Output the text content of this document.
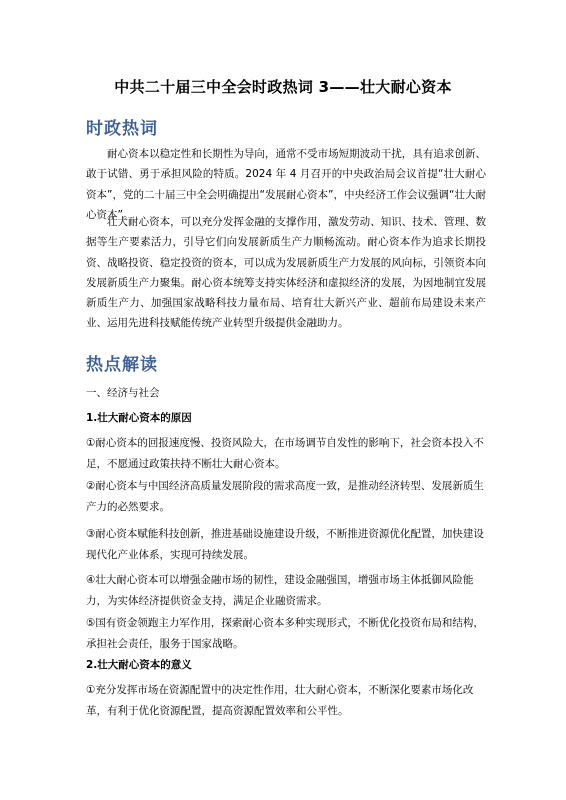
中共二十届三中全会时政热词 3——壮大耐心资本
时政热词

耐心资本以稳定性和长期性为导向，通常不受市场短期波动干扰，具有追求创新、敢于试错、勇于承担风险的特质。2024 年 4 月召开的中央政治局会议首提“壮大耐心资本”，党的二十届三中全会明确提出“发展耐心资本”，中央经济工作会议强调“壮大耐心资本”。

壮大耐心资本，可以充分发挥金融的支撑作用，激发劳动、知识、技术、管理、数据等生产要素活力，引导它们向发展新质生产力顺畅流动。耐心资本作为追求长期投资、战略投资、稳定投资的资本，可以成为发展新质生产力发展的风向标，引领资本向发展新质生产力聚集。耐心资本统筹支持实体经济和虚拟经济的发展，为因地制宜发展新质生产力、加强国家战略科技力量布局、培育壮大新兴产业、超前布局建设未来产业、运用先进科技赋能传统产业转型升级提供金融助力。

热点解读
一、经济与社会
1.壮大耐心资本的原因

①耐心资本的回报速度慢、投资风险大，在市场调节自发性的影响下，社会资本投入不足，不愿通过政策扶持不断壮大耐心资本。

②耐心资本与中国经济高质量发展阶段的需求高度一致，是推动经济转型、发展新质生产力的必然要求。

③耐心资本赋能科技创新，推进基础设施建设升级，不断推进资源优化配置，加快建设现代化产业体系，实现可持续发展。

④壮大耐心资本可以增强金融市场的韧性，建设金融强国，增强市场主体抵御风险能力，为实体经济提供资金支持，满足企业融资需求。

⑤国有资金领跑主力军作用，探索耐心资本多种实现形式，不断优化投资布局和结构，承担社会责任，服务于国家战略。

2.壮大耐心资本的意义

①充分发挥市场在资源配置中的决定性作用，壮大耐心资本，不断深化要素市场化改革，有利于优化资源配置，提高资源配置效率和公平性。
